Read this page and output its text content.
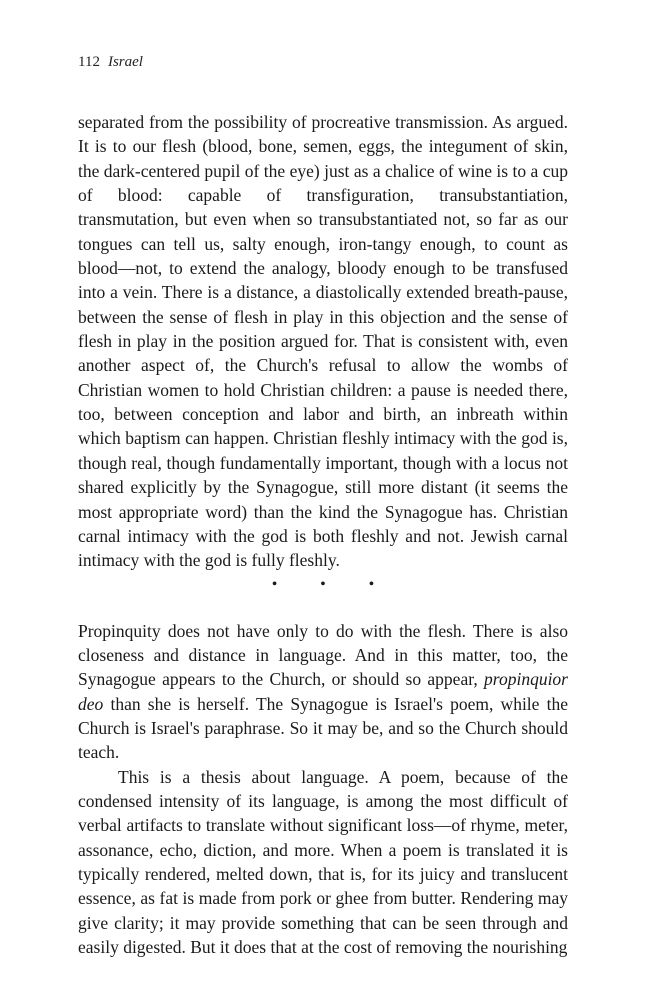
112 Israel

separated from the possibility of procreative transmission. As argued. It is to our flesh (blood, bone, semen, eggs, the integument of skin, the dark-centered pupil of the eye) just as a chalice of wine is to a cup of blood: capable of transfiguration, transubstantiation, transmutation, but even when so transubstantiated not, so far as our tongues can tell us, salty enough, iron-tangy enough, to count as blood—not, to extend the analogy, bloody enough to be transfused into a vein. There is a distance, a diastolically extended breath-pause, between the sense of flesh in play in this objection and the sense of flesh in play in the position argued for. That is consistent with, even another aspect of, the Church's refusal to allow the wombs of Christian women to hold Christian children: a pause is needed there, too, between conception and labor and birth, an inbreath within which baptism can happen. Christian fleshly intimacy with the god is, though real, though fundamentally important, though with a locus not shared explicitly by the Synagogue, still more distant (it seems the most appropriate word) than the kind the Synagogue has. Christian carnal intimacy with the god is both fleshly and not. Jewish carnal intimacy with the god is fully fleshly.

• • •

Propinquity does not have only to do with the flesh. There is also closeness and distance in language. And in this matter, too, the Synagogue appears to the Church, or should so appear, propinquior deo than she is herself. The Synagogue is Israel's poem, while the Church is Israel's paraphrase. So it may be, and so the Church should teach.

This is a thesis about language. A poem, because of the condensed intensity of its language, is among the most difficult of verbal artifacts to translate without significant loss—of rhyme, meter, assonance, echo, diction, and more. When a poem is translated it is typically rendered, melted down, that is, for its juicy and translucent essence, as fat is made from pork or ghee from butter. Rendering may give clarity; it may provide something that can be seen through and easily digested. But it does that at the cost of removing the nourishing
